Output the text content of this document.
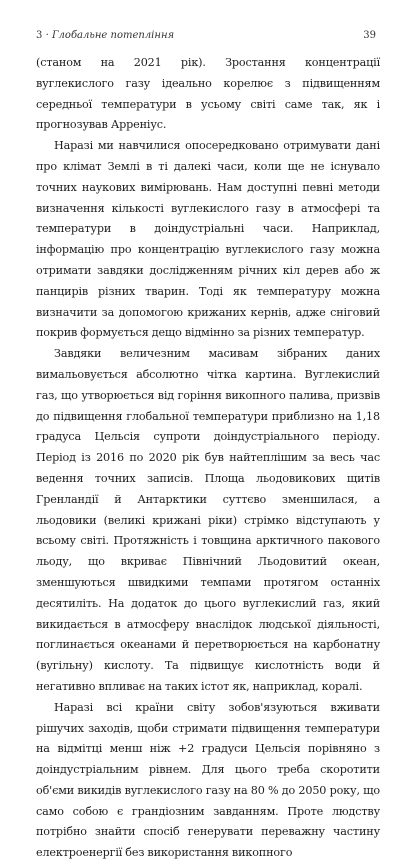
3 · Глобальне потепління	39

(станом на 2021 рік). Зростання концентрації вуглекислого газу ідеально корелює з підвищенням середньої температури в усьому світі саме так, як і прогнозував Арреніус.

Наразі ми навчилися опосередковано отримувати дані про клімат Землі в ті далекі часи, коли ще не існувало точних наукових вимірювань. Нам доступні певні методи визначення кількості вуглекислого газу в атмосфері та температури в доіндустріальні часи. Наприклад, інформацію про концентрацію вуглекислого газу можна отримати завдяки дослідженням річних кіл дерев або ж панцирів різних тварин. Тоді як температуру можна визначити за допомогою крижаних кернів, адже сніговий покрив формується дещо відмінно за різних температур.

Завдяки величезним масивам зібраних даних вимальовується абсолютно чітка картина. Вуглекислий газ, що утворюється від горіння викопного палива, призвів до підвищення глобальної температури приблизно на 1,18 градуса Цельсія супроти доіндустріального періоду. Період із 2016 по 2020 рік був найтеплішим за весь час ведення точних записів. Площа льодовикових щитів Гренландії й Антарктики суттєво зменшилася, а льодовики (великі крижані ріки) стрімко відступають у всьому світі. Протяжність і товщина арктичного пакового льоду, що вкриває Північний Льодовитий океан, зменшуються швидкими темпами протягом останніх десятиліть. На додаток до цього вуглекислий газ, який викидається в атмосферу внаслідок людської діяльності, поглинається океанами й перетворюється на карбонатну (вугільну) кислоту. Та підвищує кислотність води й негативно впливає на таких істот як, наприклад, коралі.

Наразі всі країни світу зобов'язуються вживати рішучих заходів, щоби стримати підвищення температури на відмітці менш ніж +2 градуси Цельсія порівняно з доіндустріальним рівнем. Для цього треба скоротити об'єми викидів вуглекислого газу на 80 % до 2050 року, що само собою є грандіозним завданням. Проте людству потрібно знайти спосіб генерувати переважну частину електроенергії без використання викопного
